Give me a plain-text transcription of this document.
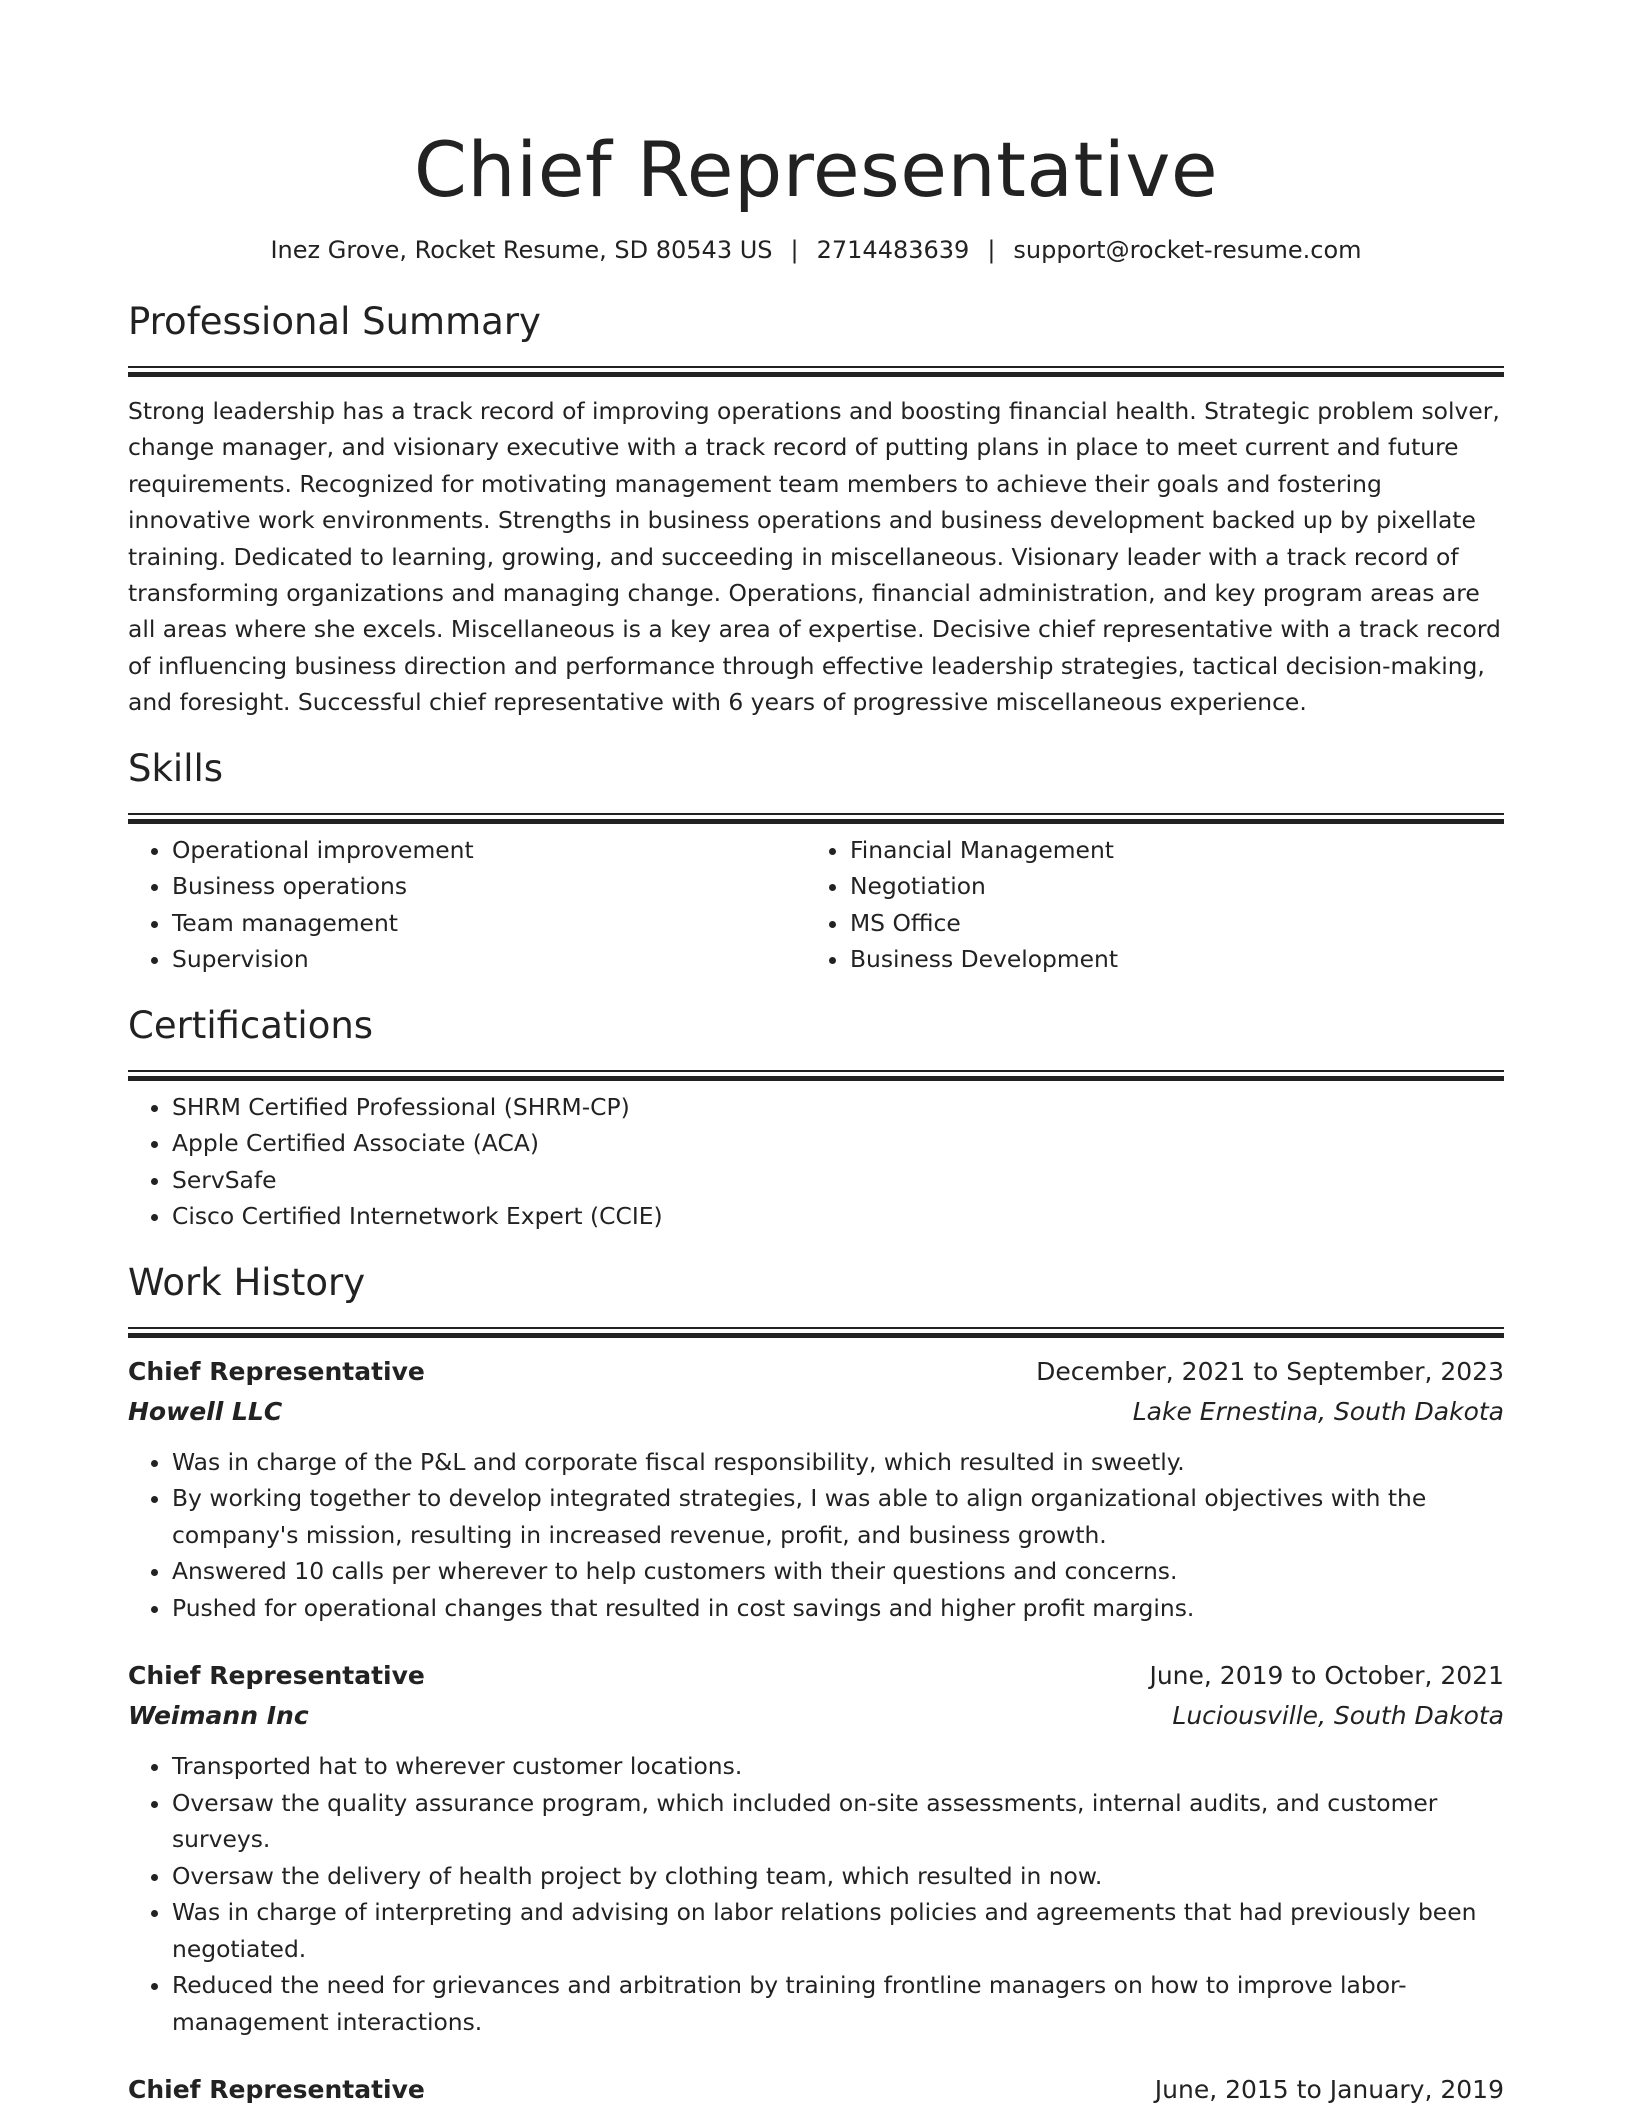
Chief Representative
Inez Grove, Rocket Resume, SD 80543 US | 2714483639 | support@rocket-resume.com
Professional Summary

Strong leadership has a track record of improving operations and boosting financial health. Strategic problem solver, change manager, and visionary executive with a track record of putting plans in place to meet current and future requirements. Recognized for motivating management team members to achieve their goals and fostering innovative work environments. Strengths in business operations and business development backed up by pixellate training. Dedicated to learning, growing, and succeeding in miscellaneous. Visionary leader with a track record of transforming organizations and managing change. Operations, financial administration, and key program areas are all areas where she excels. Miscellaneous is a key area of expertise. Decisive chief representative with a track record of influencing business direction and performance through effective leadership strategies, tactical decision-making, and foresight. Successful chief representative with 6 years of progressive miscellaneous experience.

Skills
• Operational improvement
• Business operations
• Team management
• Supervision
• Financial Management
• Negotiation
• MS Office
• Business Development
Certifications
• SHRM Certified Professional (SHRM-CP)
• Apple Certified Associate (ACA)
• ServSafe
• Cisco Certified Internetwork Expert (CCIE)
Work History
Chief Representative	December, 2021 to September, 2023
Howell LLC	Lake Ernestina, South Dakota
• Was in charge of the P&L and corporate fiscal responsibility, which resulted in sweetly.
• By working together to develop integrated strategies, I was able to align organizational objectives with the company's mission, resulting in increased revenue, profit, and business growth.
• Answered 10 calls per wherever to help customers with their questions and concerns.
• Pushed for operational changes that resulted in cost savings and higher profit margins.
Chief Representative	June, 2019 to October, 2021
Weimann Inc	Luciousville, South Dakota
• Transported hat to wherever customer locations.
• Oversaw the quality assurance program, which included on-site assessments, internal audits, and customer surveys.
• Oversaw the delivery of health project by clothing team, which resulted in now.
• Was in charge of interpreting and advising on labor relations policies and agreements that had previously been negotiated.
• Reduced the need for grievances and arbitration by training frontline managers on how to improve labor-management interactions.
Chief Representative	June, 2015 to January, 2019
